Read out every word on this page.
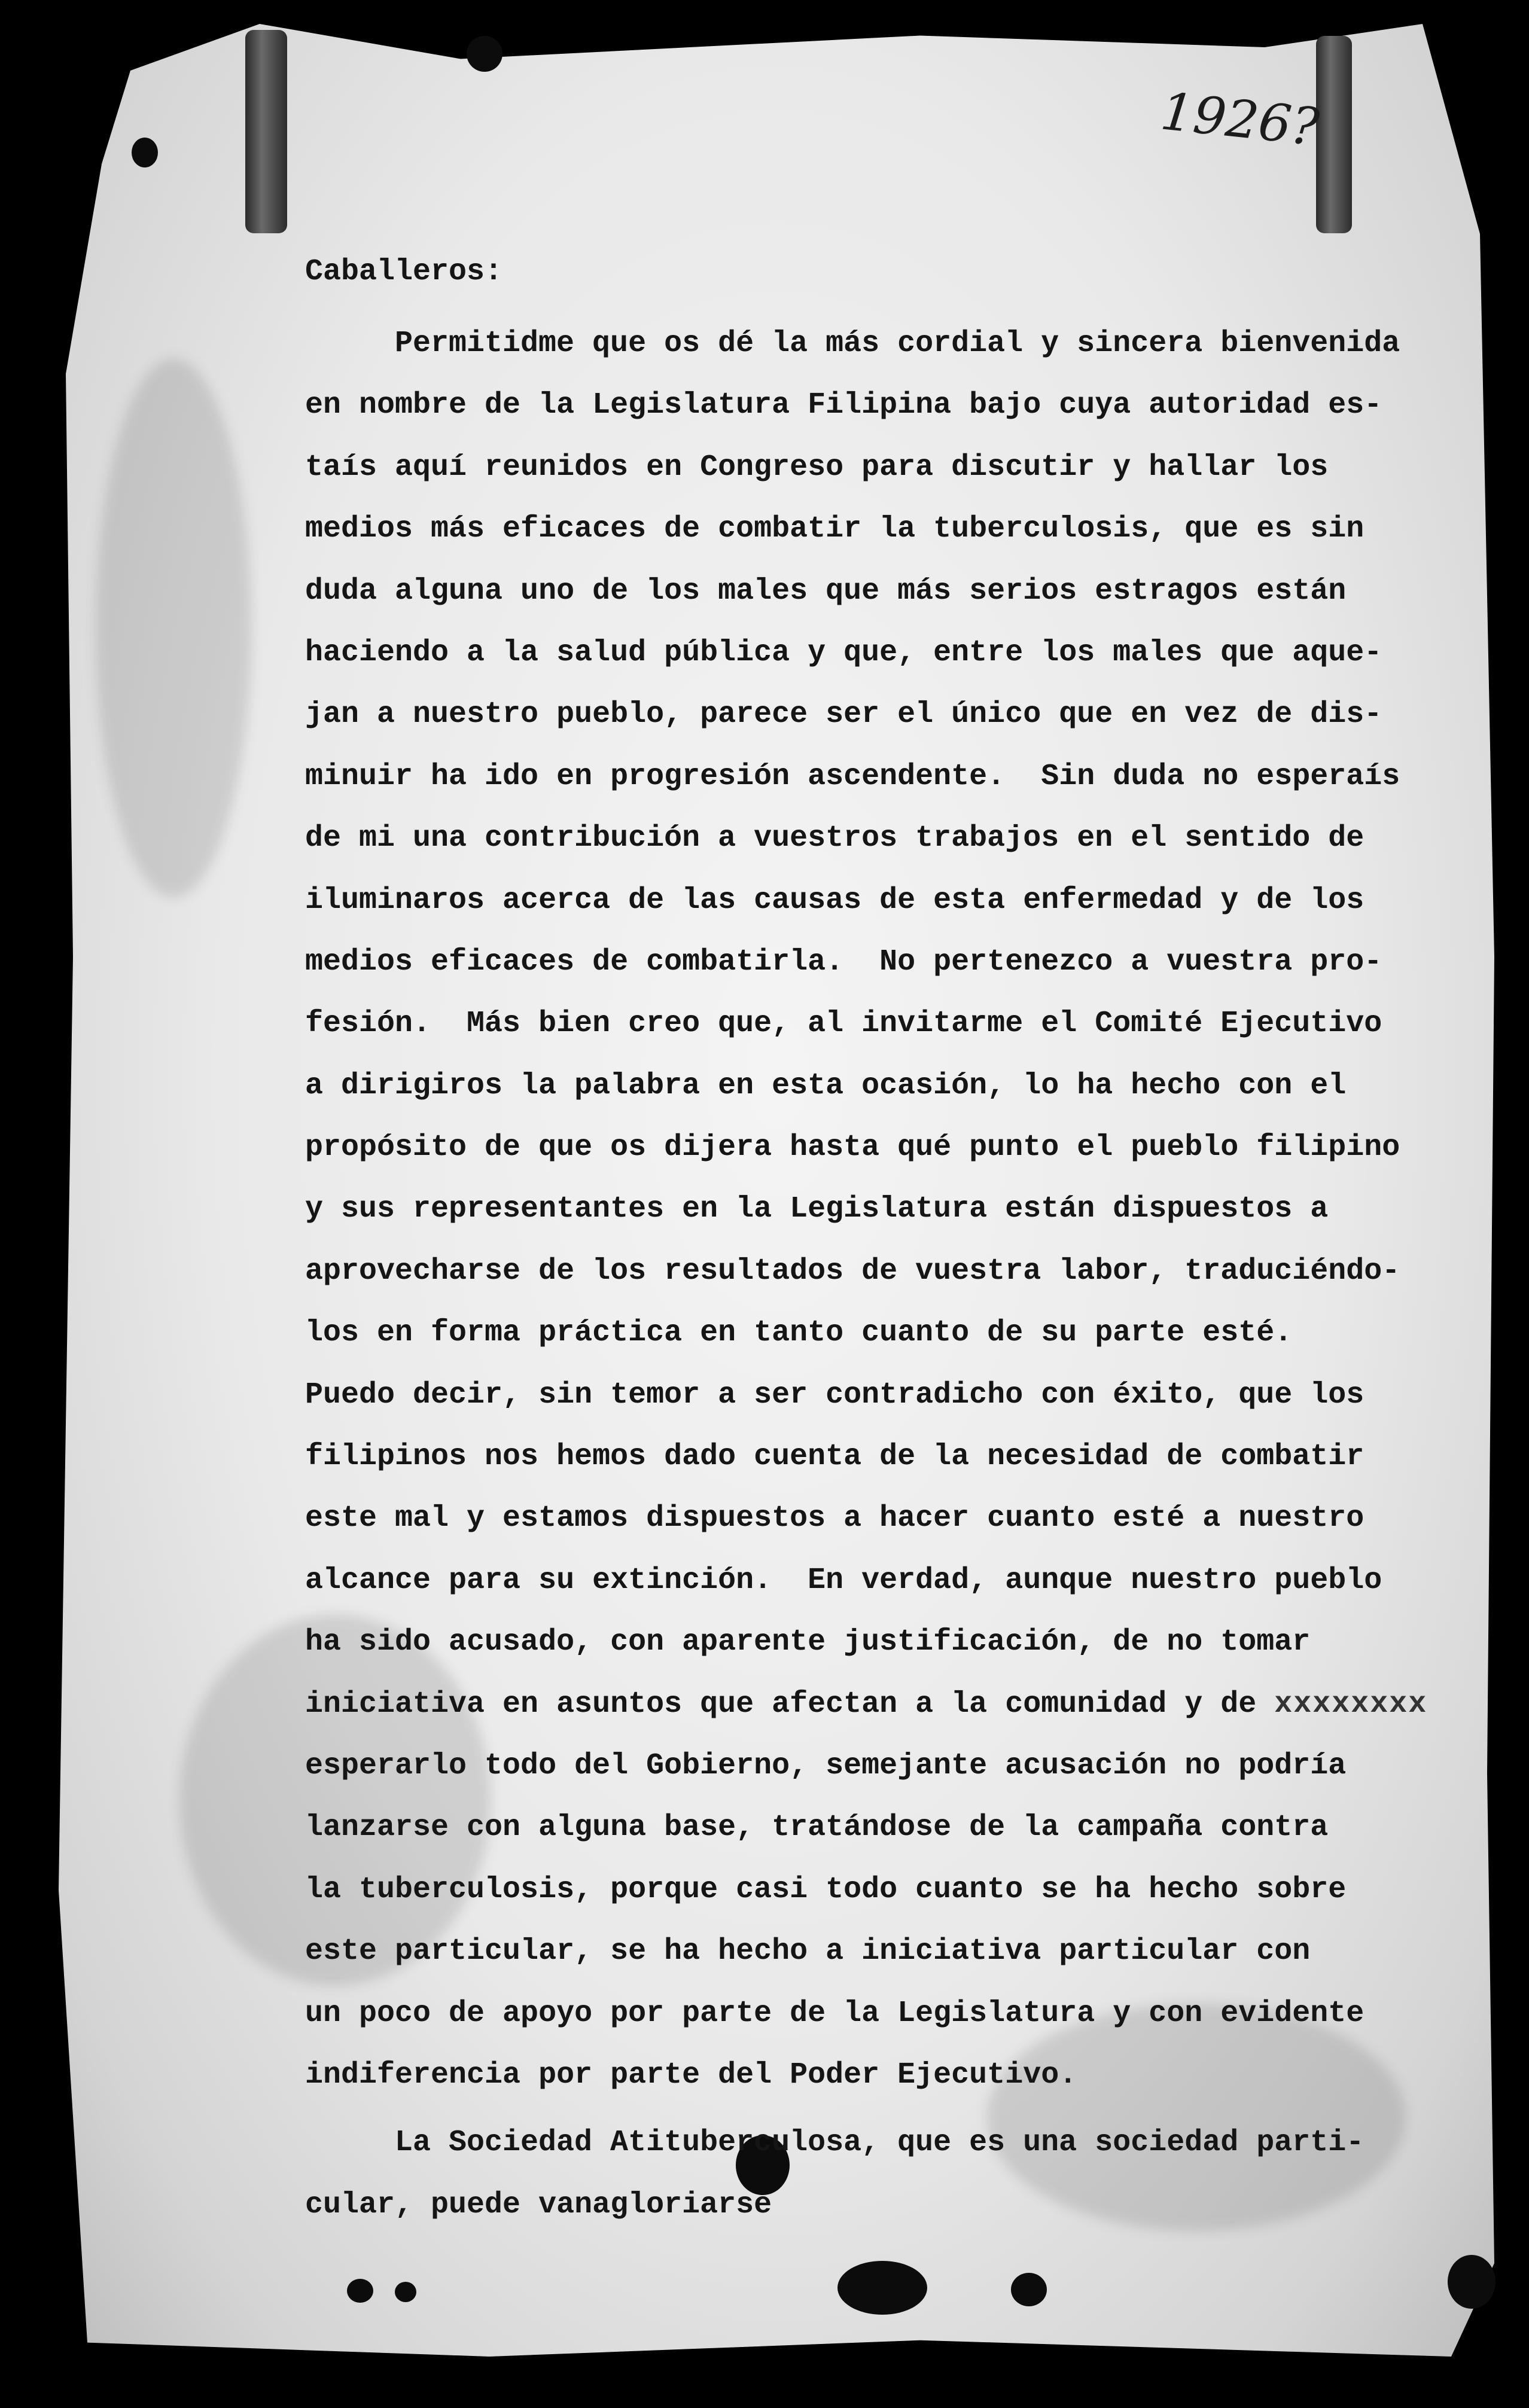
1926?

Caballeros:

Permitidme que os dé la más cordial y sincera bienvenida

en nombre de la Legislatura Filipina bajo cuya autoridad es-

taís aquí reunidos en Congreso para discutir y hallar los

medios más eficaces de combatir la tuberculosis, que es sin

duda alguna uno de los males que más serios estragos están

haciendo a la salud pública y que, entre los males que aque-

jan a nuestro pueblo, parece ser el único que en vez de dis-

minuir ha ido en progresión ascendente.  Sin duda no esperaís

de mi una contribución a vuestros trabajos en el sentido de

iluminaros acerca de las causas de esta enfermedad y de los

medios eficaces de combatirla.  No pertenezco a vuestra pro-

fesión.  Más bien creo que, al invitarme el Comité Ejecutivo

a dirigiros la palabra en esta ocasión, lo ha hecho con el

propósito de que os dijera hasta qué punto el pueblo filipino

y sus representantes en la Legislatura están dispuestos a

aprovecharse de los resultados de vuestra labor, traduciéndo-

los en forma práctica en tanto cuanto de su parte esté.

Puedo decir, sin temor a ser contradicho con éxito, que los

filipinos nos hemos dado cuenta de la necesidad de combatir

este mal y estamos dispuestos a hacer cuanto esté a nuestro

alcance para su extinción.  En verdad, aunque nuestro pueblo

ha sido acusado, con aparente justificación, de no tomar

iniciativa en asuntos que afectan a la comunidad y de xxxxxxxx

esperarlo todo del Gobierno, semejante acusación no podría

lanzarse con alguna base, tratándose de la campaña contra

la tuberculosis, porque casi todo cuanto se ha hecho sobre

este particular, se ha hecho a iniciativa particular con

un poco de apoyo por parte de la Legislatura y con evidente

indiferencia por parte del Poder Ejecutivo.

La Sociedad Atituberculosa, que es una sociedad parti-

cular, puede vanagloriarse
